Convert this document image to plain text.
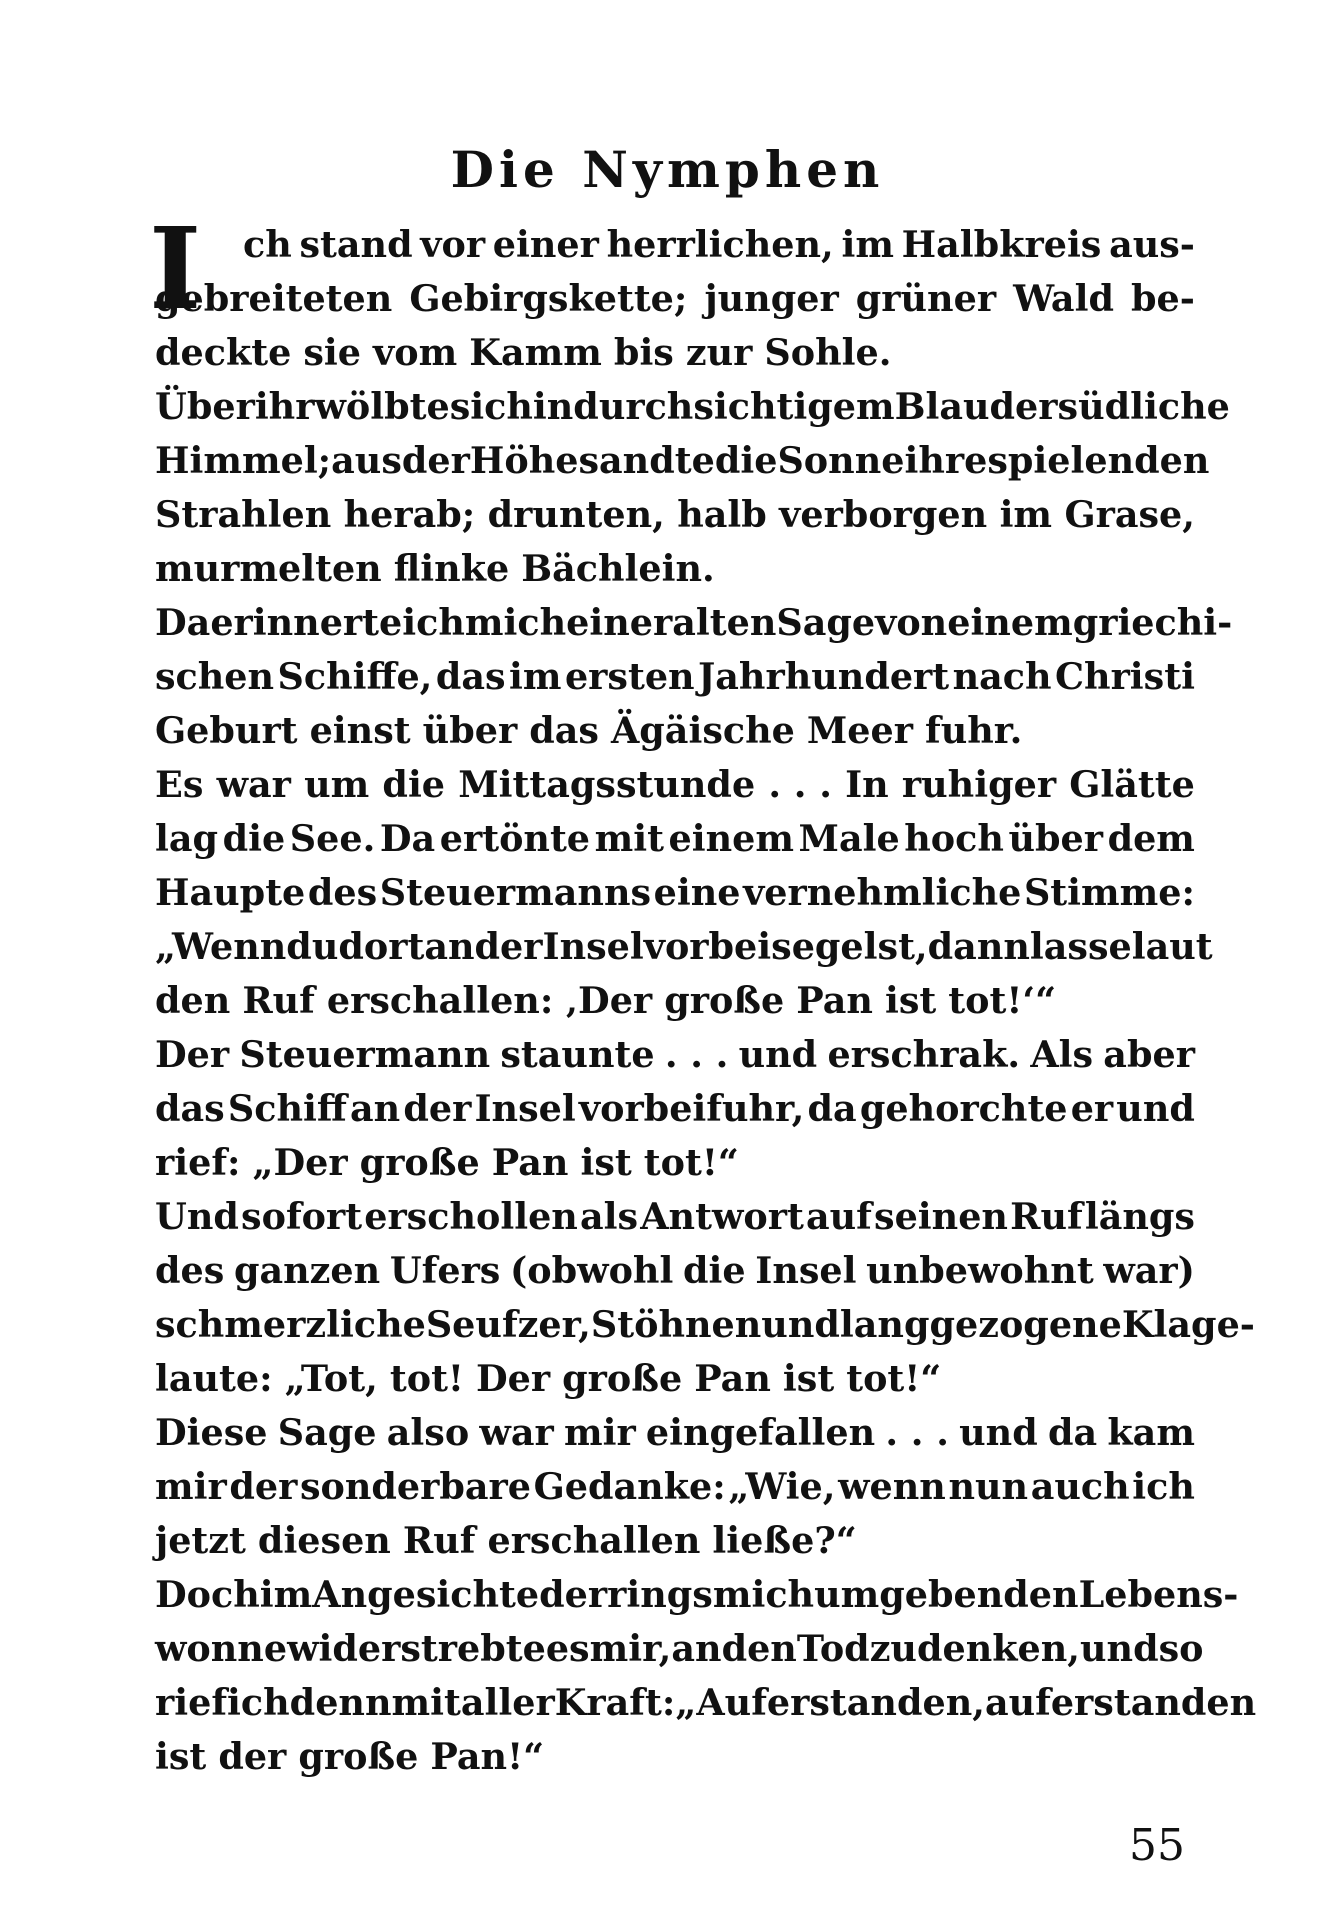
Die Nymphen
I ch stand vor einer herrlichen, im Halbkreis aus-
gebreiteten Gebirgskette; junger grüner Wald be-
deckte sie vom Kamm bis zur Sohle.
Über ihr wölbte sich in durchsichtigem Blau der südliche
Himmel; aus der Höhe sandte die Sonne ihre spielenden
Strahlen herab; drunten, halb verborgen im Grase,
murmelten flinke Bächlein.
Da erinnerte ich mich einer alten Sage von einem griechi-
schen Schiffe, das im ersten Jahrhundert nach Christi
Geburt einst über das Ägäische Meer fuhr.
Es war um die Mittagsstunde . . . In ruhiger Glätte
lag die See. Da ertönte mit einem Male hoch über dem
Haupte des Steuermanns eine vernehmliche Stimme:
„Wenn du dort an der Insel vorbeisegelst, dann lasse laut
den Ruf erschallen: ‚Der große Pan ist tot!‘“
Der Steuermann staunte . . . und erschrak. Als aber
das Schiff an der Insel vorbeifuhr, da gehorchte er und
rief: „Der große Pan ist tot!“
Und sofort erschollen als Antwort auf seinen Ruf längs
des ganzen Ufers (obwohl die Insel unbewohnt war)
schmerzliche Seufzer, Stöhnen und langgezogene Klage-
laute: „Tot, tot! Der große Pan ist tot!“
Diese Sage also war mir eingefallen . . . und da kam
mir der sonderbare Gedanke: „Wie, wenn nun auch ich
jetzt diesen Ruf erschallen ließe?“
Doch im Angesichte der rings mich umgebenden Lebens-
wonne widerstrebte es mir, an den Tod zu denken, und so
rief ich denn mit aller Kraft: „Auferstanden, auferstanden
ist der große Pan!“
55
